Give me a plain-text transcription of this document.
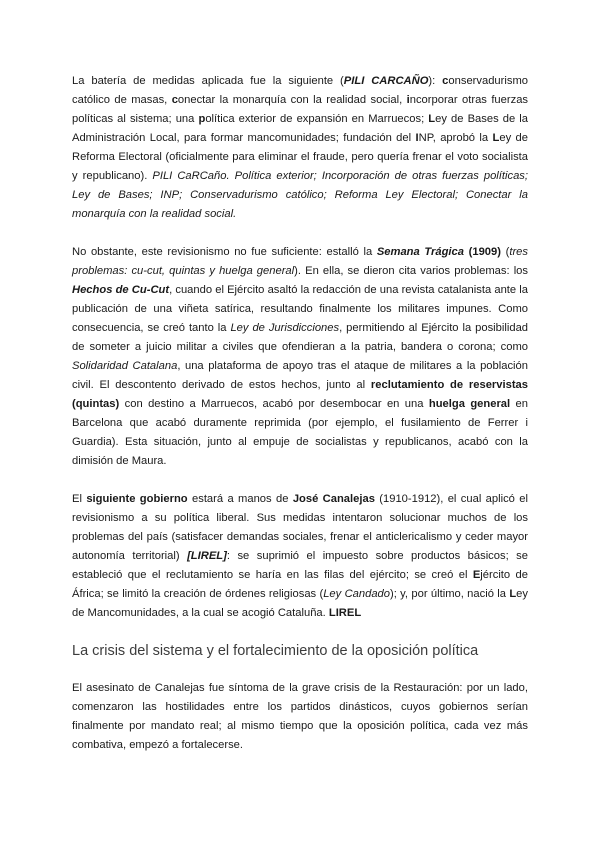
La batería de medidas aplicada fue la siguiente (PILI CARCAÑO): conservadurismo católico de masas, conectar la monarquía con la realidad social, incorporar otras fuerzas políticas al sistema; una política exterior de expansión en Marruecos; Ley de Bases de la Administración Local, para formar mancomunidades; fundación del INP, aprobó la Ley de Reforma Electoral (oficialmente para eliminar el fraude, pero quería frenar el voto socialista y republicano). PILI CaRCaño. Política exterior; Incorporación de otras fuerzas políticas; Ley de Bases; INP; Conservadurismo católico; Reforma Ley Electoral; Conectar la monarquía con la realidad social.

No obstante, este revisionismo no fue suficiente: estalló la Semana Trágica (1909) (tres problemas: cu-cut, quintas y huelga general). En ella, se dieron cita varios problemas: los Hechos de Cu-Cut, cuando el Ejército asaltó la redacción de una revista catalanista ante la publicación de una viñeta satírica, resultando finalmente los militares impunes. Como consecuencia, se creó tanto la Ley de Jurisdicciones, permitiendo al Ejército la posibilidad de someter a juicio militar a civiles que ofendieran a la patria, bandera o corona; como Solidaridad Catalana, una plataforma de apoyo tras el ataque de militares a la población civil. El descontento derivado de estos hechos, junto al reclutamiento de reservistas (quintas) con destino a Marruecos, acabó por desembocar en una huelga general en Barcelona que acabó duramente reprimida (por ejemplo, el fusilamiento de Ferrer i Guardia). Esta situación, junto al empuje de socialistas y republicanos, acabó con la dimisión de Maura.

El siguiente gobierno estará a manos de José Canalejas (1910-1912), el cual aplicó el revisionismo a su política liberal. Sus medidas intentaron solucionar muchos de los problemas del país (satisfacer demandas sociales, frenar el anticlericalismo y ceder mayor autonomía territorial) [LIREL]: se suprimió el impuesto sobre productos básicos; se estableció que el reclutamiento se haría en las filas del ejército; se creó el Ejército de África; se limitó la creación de órdenes religiosas (Ley Candado); y, por último, nació la Ley de Mancomunidades, a la cual se acogió Cataluña. LIREL

La crisis del sistema y el fortalecimiento de la oposición política

El asesinato de Canalejas fue síntoma de la grave crisis de la Restauración: por un lado, comenzaron las hostilidades entre los partidos dinásticos, cuyos gobiernos serían finalmente por mandato real; al mismo tiempo que la oposición política, cada vez más combativa, empezó a fortalecerse.
